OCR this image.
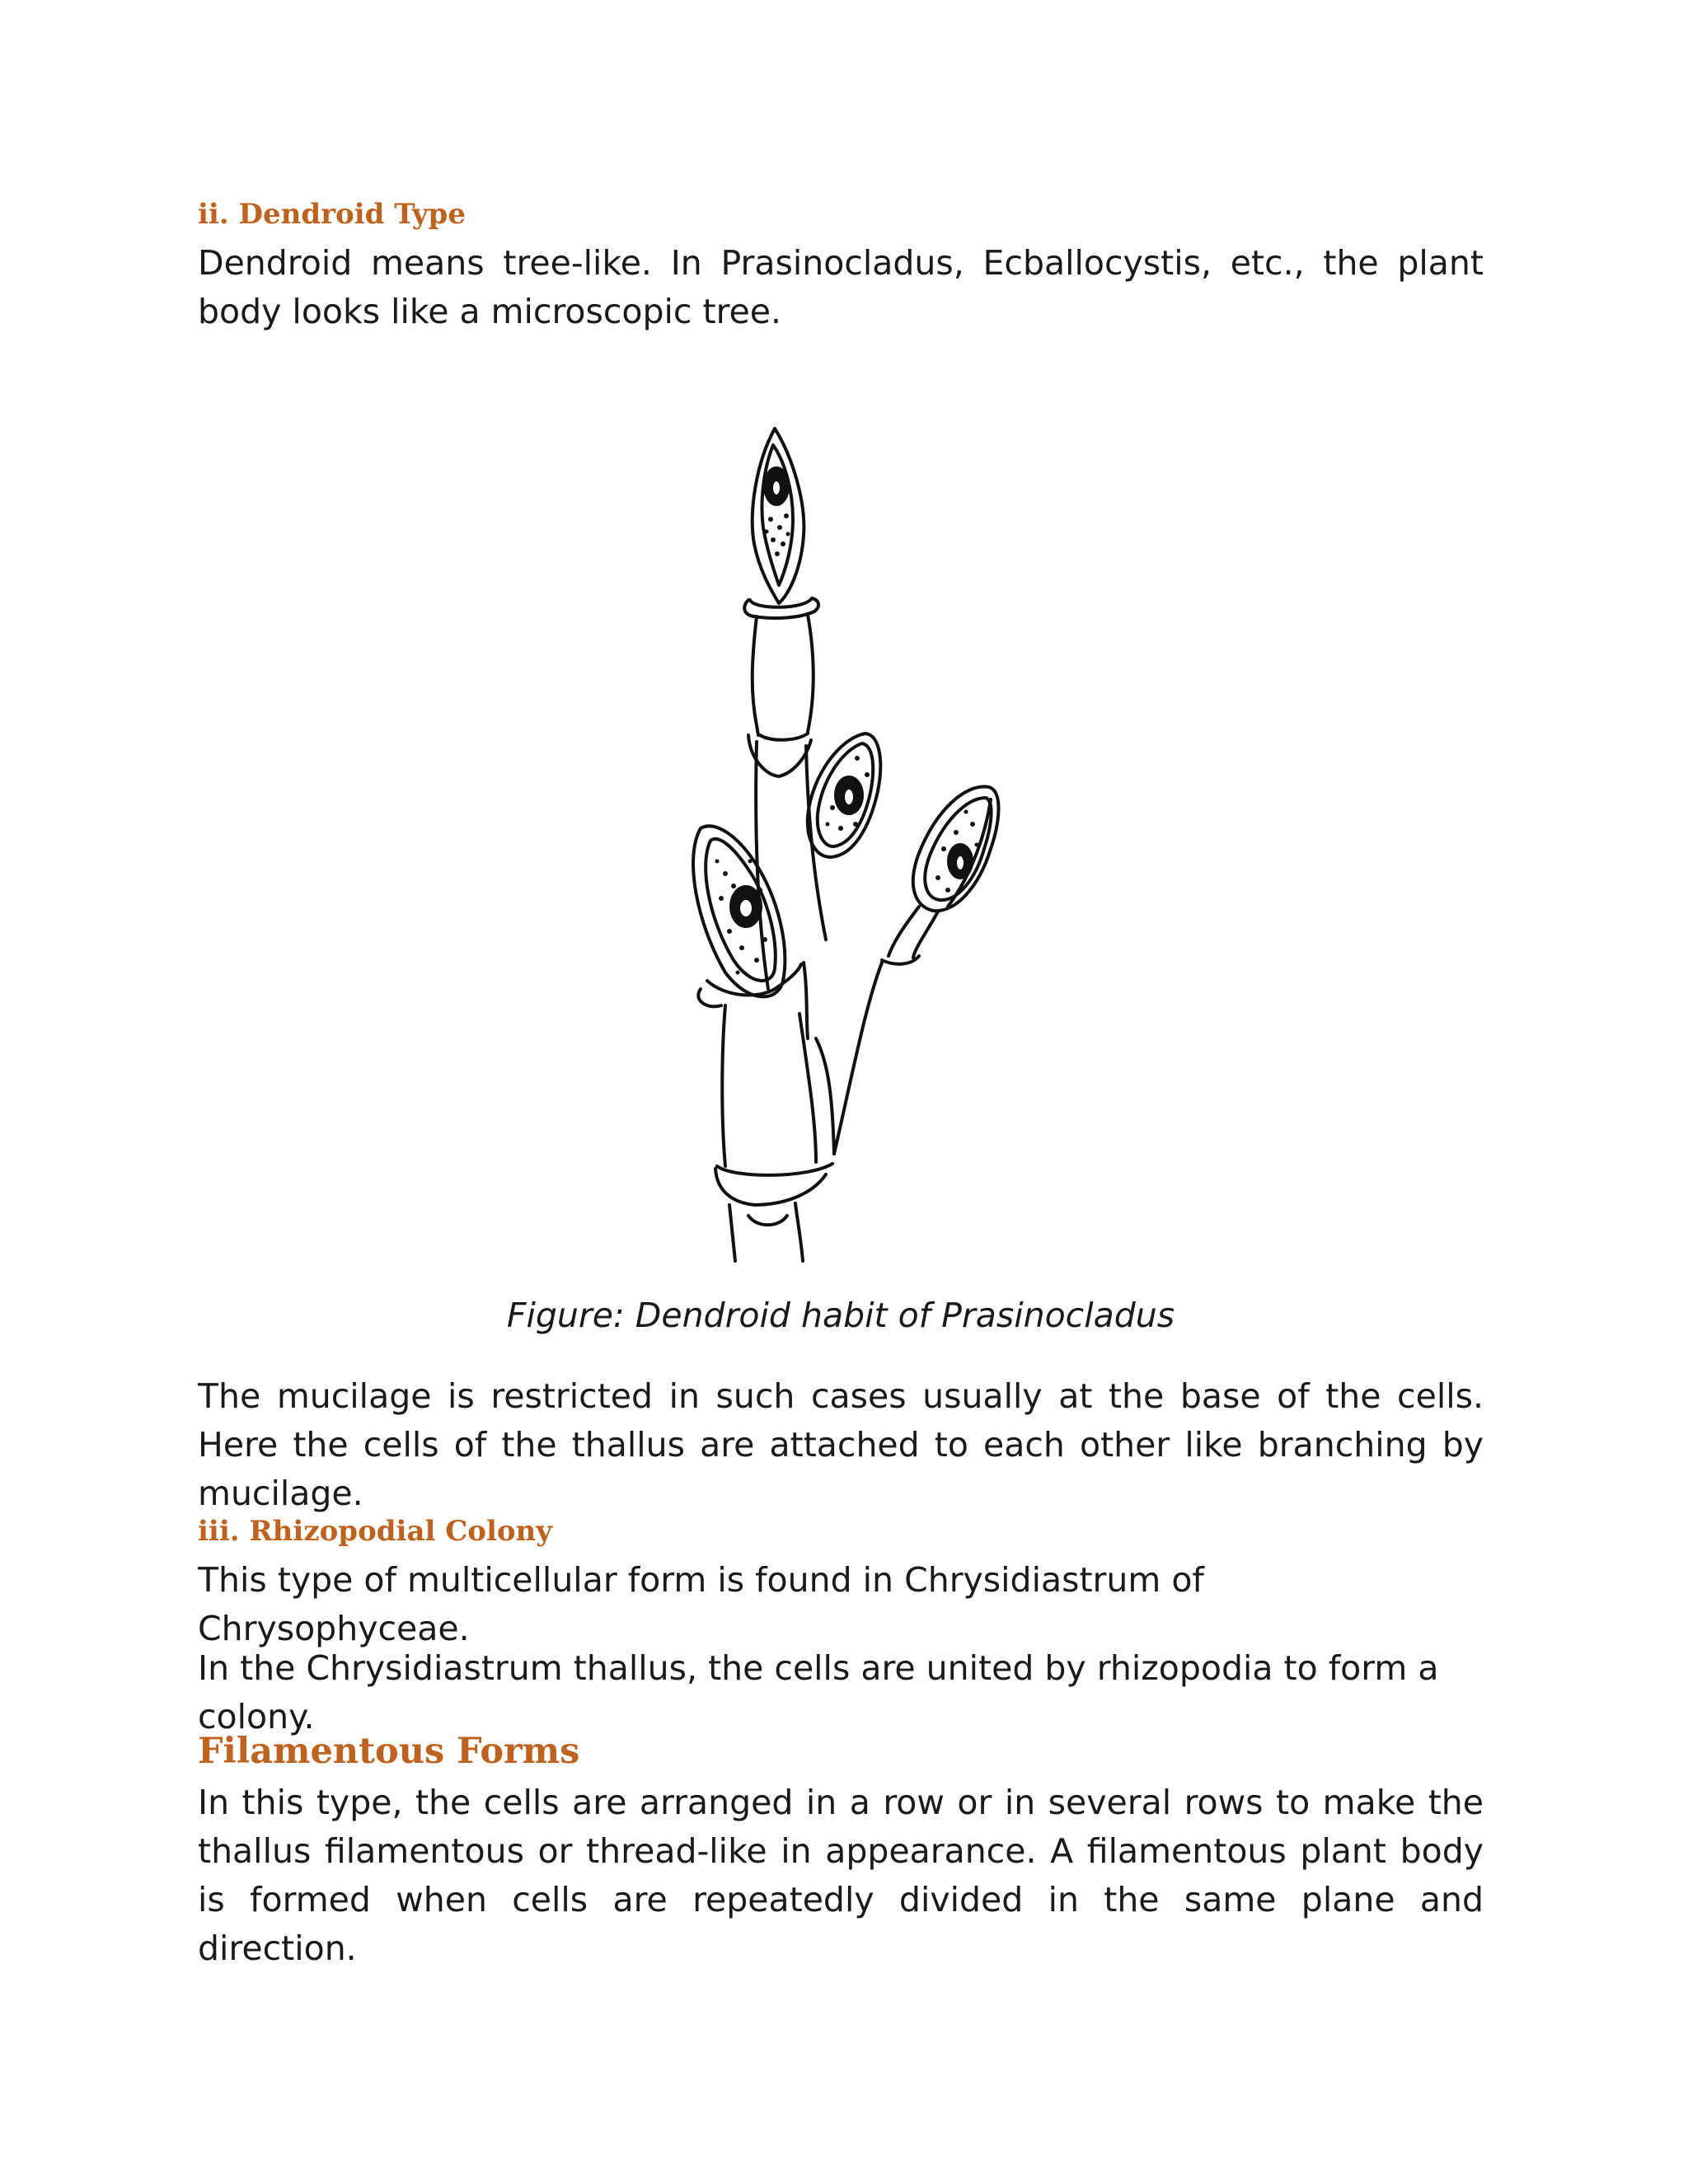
ii. Dendroid Type

Dendroid means tree-like. In Prasinocladus, Ecballocystis, etc., the plant body looks like a microscopic tree.

Figure: Dendroid habit of Prasinocladus

The mucilage is restricted in such cases usually at the base of the cells. Here the cells of the thallus are attached to each other like branching by mucilage.

iii. Rhizopodial Colony

This type of multicellular form is found in Chrysidiastrum of Chrysophyceae.

In the Chrysidiastrum thallus, the cells are united by rhizopodia to form a colony.

Filamentous Forms

In this type, the cells are arranged in a row or in several rows to make the thallus filamentous or thread-like in appearance. A filamentous plant body is formed when cells are repeatedly divided in the same plane and direction.
